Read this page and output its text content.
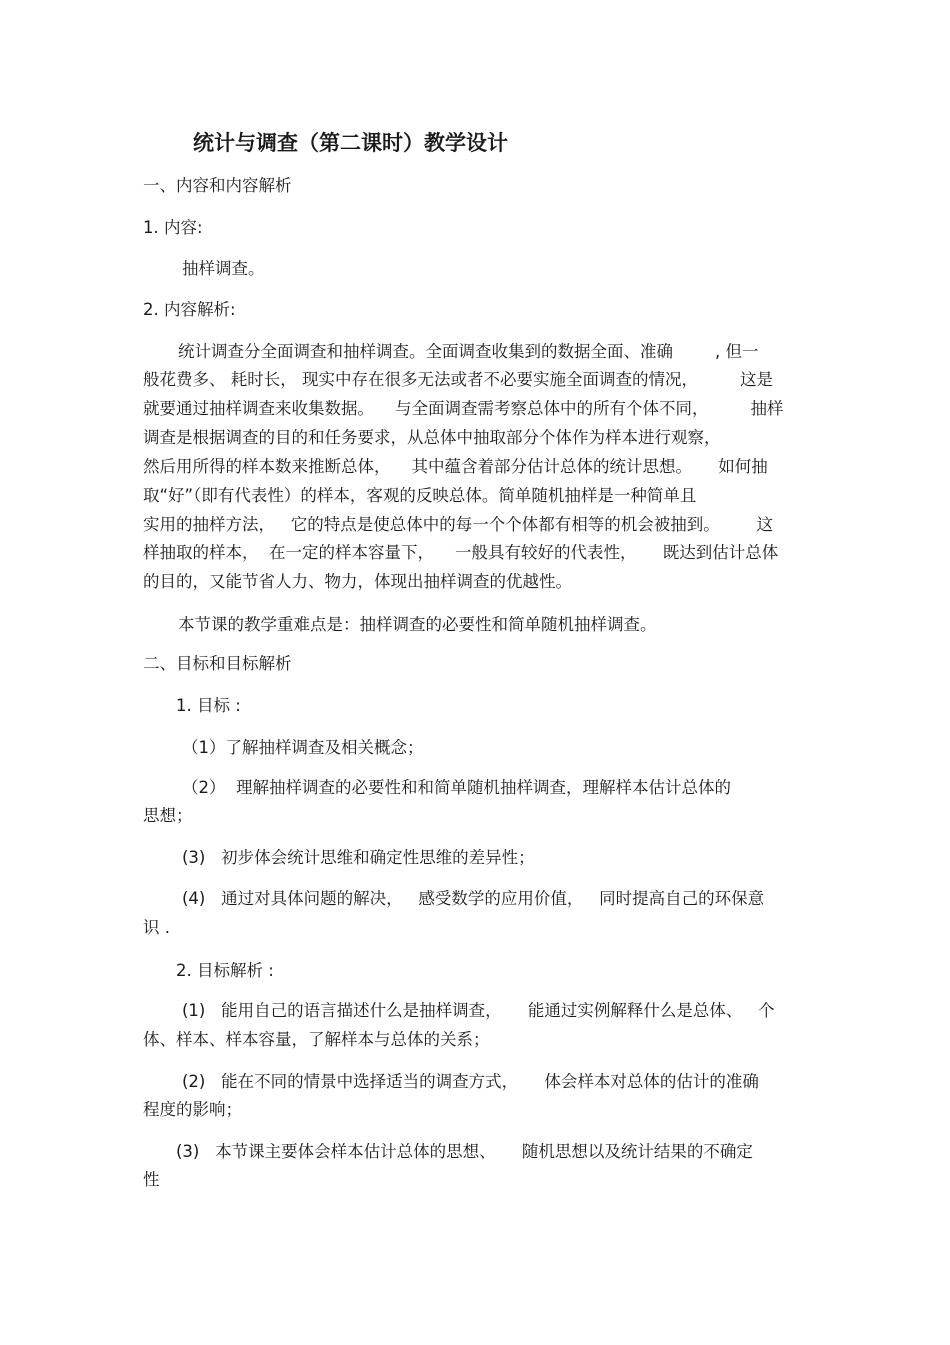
统计与调查（第二课时）教学设计

一、内容和内容解析

1. 内容:

抽样调查。

2. 内容解析:

统计调查分全面调查和抽样调查。全面调查收集到的数据全面、准确        , 但一

般花费多、 耗时长， 现实中存在很多无法或者不必要实施全面调查的情况，        这是

就要通过抽样调查来收集数据。    与全面调查需考察总体中的所有个体不同，        抽样

调查是根据调查的目的和任务要求，从总体中抽取部分个体作为样本进行观察，

然后用所得的样本数来推断总体，    其中蕴含着部分估计总体的统计思想。     如何抽

取“好”（即有代表性）的样本，客观的反映总体。简单随机抽样是一种简单且

实用的抽样方法，   它的特点是使总体中的每一个个体都有相等的机会被抽到。       这

样抽取的样本，  在一定的样本容量下，    一般具有较好的代表性，     既达到估计总体

的目的，又能节省人力、物力，体现出抽样调查的优越性。

本节课的教学重难点是：抽样调查的必要性和简单随机抽样调查。

二、目标和目标解析

1. 目标 :

（1）了解抽样调查及相关概念；

（2）  理解抽样调查的必要性和和简单随机抽样调查，理解样本估计总体的

思想；

(3)   初步体会统计思维和确定性思维的差异性；

(4)   通过对具体问题的解决，   感受数学的应用价值，   同时提高自己的环保意

识 .

2. 目标解析 :

(1)   能用自己的语言描述什么是抽样调查，     能通过实例解释什么是总体、   个

体、样本、样本容量，了解样本与总体的关系；

(2)   能在不同的情景中选择适当的调查方式，     体会样本对总体的估计的准确

程度的影响；

(3)   本节课主要体会样本估计总体的思想、     随机思想以及统计结果的不确定

性
